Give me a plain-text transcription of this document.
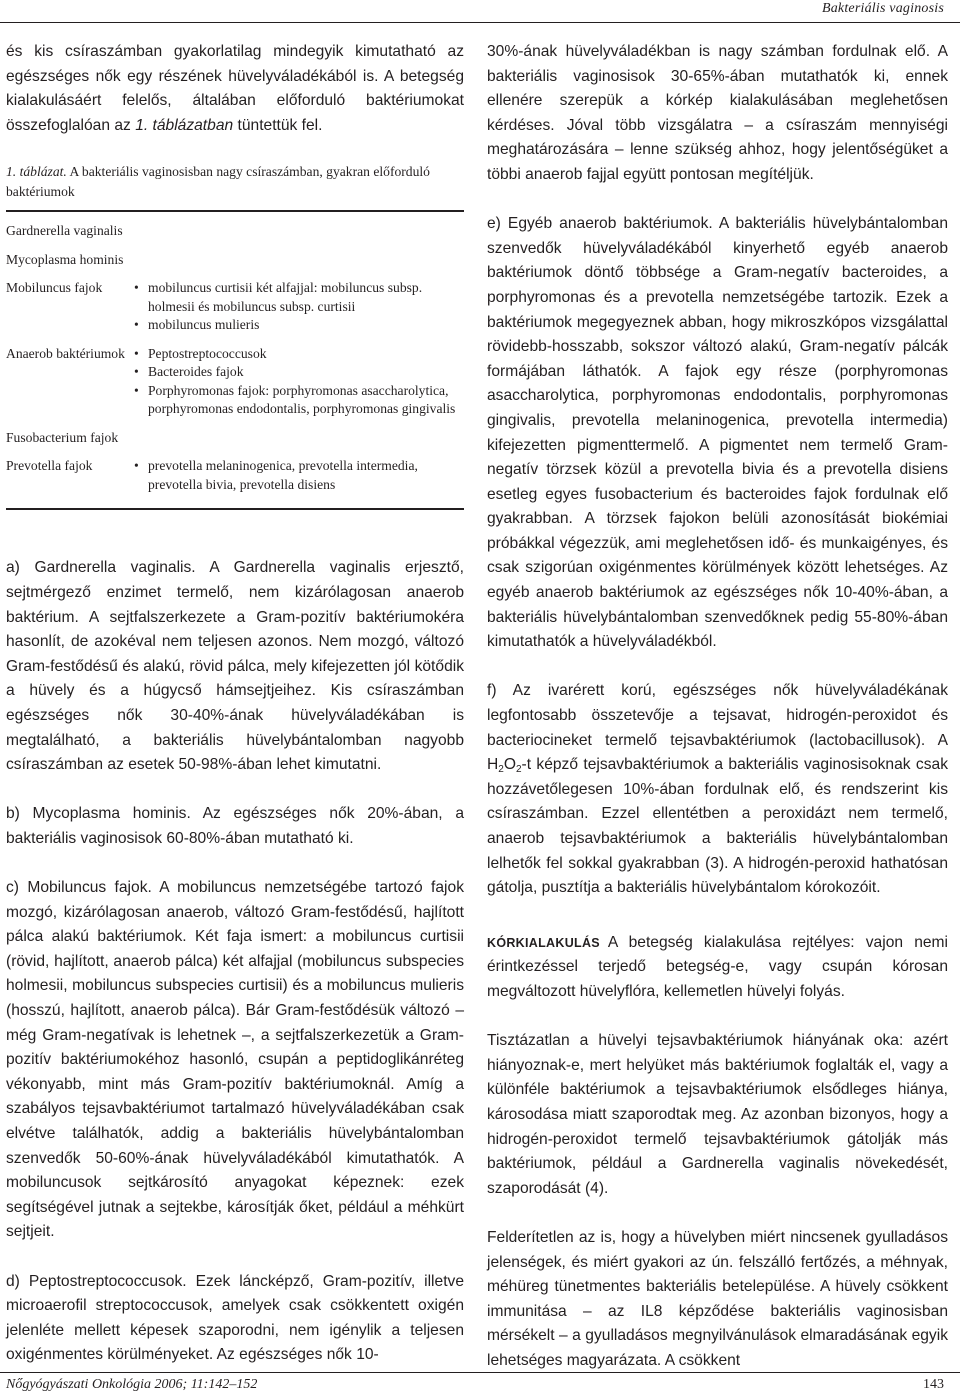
Bakteriális vaginosis

és kis csíraszámban gyakorlatilag mindegyik kimutatható az egészséges nők egy részének hüvelyváladékából is. A betegség kialakulásáért felelős, általában előforduló baktériumokat összefoglalóan az 1. táblázatban tüntettük fel.

1. táblázat. A bakteriális vaginosisban nagy csíraszámban, gyakran előforduló baktériumok

Gardnerella vaginalis
Mycoplasma hominis
Mobiluncus fajok	• mobiluncus curtisii két alfajjal: mobiluncus subsp. holmesii és mobiluncus subsp. curtisii
• mobiluncus mulieris
Anaerob baktériumok	• Peptostreptococcusok
• Bacteroides fajok
• Porphyromonas fajok: porphyromonas asaccharolytica, porphyromonas endodontalis, porphyromonas gingivalis
Fusobacterium fajok
Prevotella fajok	• prevotella melaninogenica, prevotella intermedia, prevotella bivia, prevotella disiens

a) Gardnerella vaginalis. A Gardnerella vaginalis erjesztő, sejtmérgező enzimet termelő, nem kizárólagosan anaerob baktérium. A sejtfalszerkezete a Gram-pozitív baktériumokéra hasonlít, de azokéval nem teljesen azonos. Nem mozgó, változó Gram-festődésű és alakú, rövid pálca, mely kifejezetten jól kötődik a hüvely és a húgycső hámsejtjeihez. Kis csíraszámban egészséges nők 30-40%-ának hüvelyváladékában is megtalálható, a bakteriális hüvelybántalomban nagyobb csíraszámban az esetek 50-98%-ában lehet kimutatni.

b) Mycoplasma hominis. Az egészséges nők 20%-ában, a bakteriális vaginosisok 60-80%-ában mutatható ki.

c) Mobiluncus fajok. A mobiluncus nemzetségébe tartozó fajok mozgó, kizárólagosan anaerob, változó Gram-festődésű, hajlított pálca alakú baktériumok. Két faja ismert: a mobiluncus curtisii (rövid, hajlított, anaerob pálca) két alfajjal (mobiluncus subspecies holmesii, mobiluncus subspecies curtisii) és a mobiluncus mulieris (hosszú, hajlított, anaerob pálca). Bár Gram-festődésük változó – még Gram-negatívak is lehetnek –, a sejtfalszerkezetük a Gram-pozitív baktériumokéhoz hasonló, csupán a peptidoglikánréteg vékonyabb, mint más Gram-pozitív baktériumoknál. Amíg a szabályos tejsavbaktériumot tartalmazó hüvelyváladékában csak elvétve találhatók, addig a bakteriális hüvelybántalomban szenvedők 50-60%-ának hüvelyváladékából kimutathatók. A mobiluncusok sejtkárosító anyagokat képeznek: ezek segítségével jutnak a sejtekbe, károsítják őket, például a méhkürt sejtjeit.

d) Peptostreptococcusok. Ezek láncképző, Gram-pozitív, illetve microaerofil streptococcusok, amelyek csak csökkentett oxigén jelenléte mellett képesek szaporodni, nem igénylik a teljesen oxigénmentes körülményeket. Az egészséges nők 10-

30%-ának hüvelyváladékban is nagy számban fordulnak elő. A bakteriális vaginosisok 30-65%-ában mutathatók ki, ennek ellenére szerepük a kórkép kialakulásában meglehetősen kérdéses. Jóval több vizsgálatra – a csíraszám mennyiségi meghatározására – lenne szükség ahhoz, hogy jelentőségüket a többi anaerob fajjal együtt pontosan megítéljük.

e) Egyéb anaerob baktériumok. A bakteriális hüvelybántalomban szenvedők hüvelyváladékából kinyerhető egyéb anaerob baktériumok döntő többsége a Gram-negatív bacteroides, a porphyromonas és a prevotella nemzetségébe tartozik. Ezek a baktériumok megegyeznek abban, hogy mikroszkópos vizsgálattal rövidebb-hosszabb, sokszor változó alakú, Gram-negatív pálcák formájában láthatók. A fajok egy része (porphyromonas asaccharolytica, porphyromonas endodontalis, porphyromonas gingivalis, prevotella melaninogenica, prevotella intermedia) kifejezetten pigmenttermelő. A pigmentet nem termelő Gram-negatív törzsek közül a prevotella bivia és a prevotella disiens esetleg egyes fusobacterium és bacteroides fajok fordulnak elő gyakrabban. A törzsek fajokon belüli azonosítását biokémiai próbákkal végezzük, ami meglehetősen idő- és munkaigényes, és csak szigorúan oxigénmentes körülmények között lehetséges. Az egyéb anaerob baktériumok az egészséges nők 10-40%-ában, a bakteriális hüvelybántalomban szenvedőknek pedig 55-80%-ában kimutathatók a hüvelyváladékból.

f) Az ivarérett korú, egészséges nők hüvelyváladékának legfontosabb összetevője a tejsavat, hidrogén-peroxidot és bacteriocineket termelő tejsavbaktériumok (lactobacillusok). A $H_2O_2-t$ képző tejsavbaktériumok a bakteriális vaginosisoknak csak hozzávetőlegesen 10%-ában fordulnak elő, és rendszerint kis csíraszámban. Ezzel ellentétben a peroxidázt nem termelő, anaerob tejsavbaktériumok a bakteriális hüvelybántalomban lelhetők fel sokkal gyakrabban (3). A hidrogén-peroxid hathatósan gátolja, pusztítja a bakteriális hüvelybántalom kórokozóit.

KÓRKIALAKULÁS A betegség kialakulása rejtélyes: vajon nemi érintkezéssel terjedő betegség-e, vagy csupán kórosan megváltozott hüvelyflóra, kellemetlen hüvelyi folyás.

Tisztázatlan a hüvelyi tejsavbaktériumok hiányának oka: azért hiányoznak-e, mert helyüket más baktériumok foglalták el, vagy a különféle baktériumok a tejsavbaktériumok elsődleges hiánya, károsodása miatt szaporodtak meg. Az azonban bizonyos, hogy a hidrogén-peroxidot termelő tejsavbaktériumok gátolják más baktériumok, például a Gardnerella vaginalis növekedését, szaporodását (4).

Felderítetlen az is, hogy a hüvelyben miért nincsenek gyulladásos jelenségek, és miért gyakori az ún. felszálló fertőzés, a méhnyak, méhüreg tünetmentes bakteriális betelepülése. A hüvely csökkent immunitása – az IL8 képződése bakteriális vaginosisban mérsékelt – a gyulladásos megnyilvánulások elmaradásának egyik lehetséges magyarázata. A csökkent

Nőgyógyászati Onkológia 2006; 11:142–152	143
